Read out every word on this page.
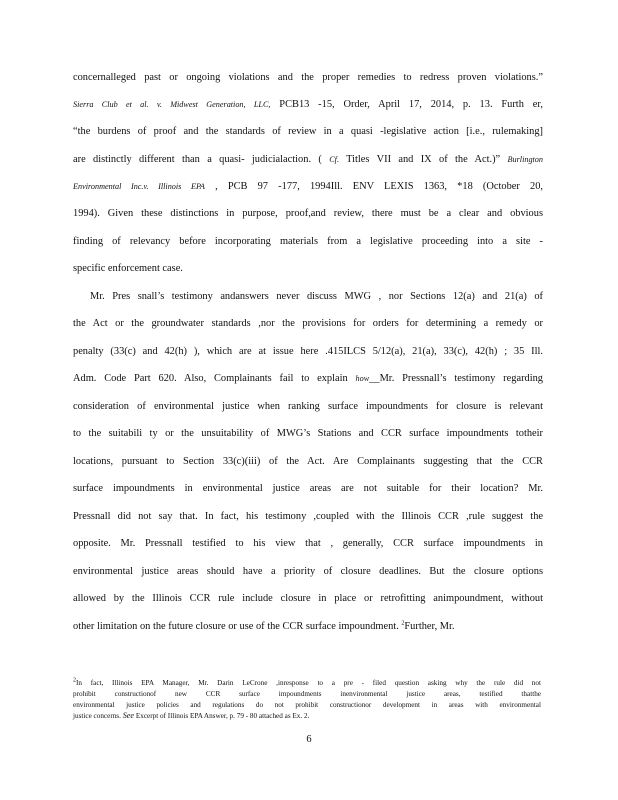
concernalleged past or ongoing violations and the proper remedies to redress proven violations.”
Sierra Club et al. v. Midwest Generation, LLC, PCB13 -15, Order, April 17, 2014, p. 13. Furth er,
“the burdens of proof and the standards of review in a quasi -legislative action [i.e., rulemaking]
are distinctly different than a quasi- judicialaction. ( Cf. Titles VII and IX of the Act.)” Burlington
Environmental Inc.v. Illinois EPA , PCB 97 -177, 1994Ill. ENV LEXIS 1363, *18 (October 20,
1994). Given these distinctions in purpose, proof,and review, there must be a clear and obvious
finding of relevancy before incorporating materials from a legislative proceeding into a site -
specific enforcement case.
Mr. Pres snall’s testimony andanswers never discuss MWG , nor Sections 12(a) and 21(a) of
the Act or the groundwater standards ,nor the provisions for orders for determining a remedy or
penalty (33(c) and 42(h) ), which are at issue here .415ILCS 5/12(a), 21(a), 33(c), 42(h) ; 35 Ill.
Adm. Code Part 620. Also, Complainants fail to explain how__Mr. Pressnall’s testimony regarding
consideration of environmental justice when ranking surface impoundments for closure is relevant
to the suitabili ty or the unsuitability of MWG’s Stations and CCR surface impoundments totheir
locations, pursuant to Section 33(c)(iii) of the Act. Are Complainants suggesting that the CCR
surface impoundments in environmental justice areas are not suitable for their location? Mr.
Pressnall did not say that. In fact, his testimony ,coupled with the Illinois CCR ,rule suggest the
opposite. Mr. Pressnall testified to his view that , generally, CCR surface impoundments in
environmental justice areas should have a priority of closure deadlines. But the closure options
allowed by the Illinois CCR rule include closure in place or retrofitting animpoundment, without
other limitation on the future closure or use of the CCR surface impoundment. $^2$Further, Mr.
$^2$In fact, Illinois EPA Manager, Mr. Darin LeCrone ,inresponse to a pre - filed question asking why the rule did not
prohibit constructionof new CCR surface impoundments inenvironmental justice areas, testified thatthe
environmental justice policies and regulations do not prohibit constructionor development in areas with environmental
justice concerns. See Excerpt of Illinois EPA Answer, p. 79 - 80 attached as Ex. 2.
6
